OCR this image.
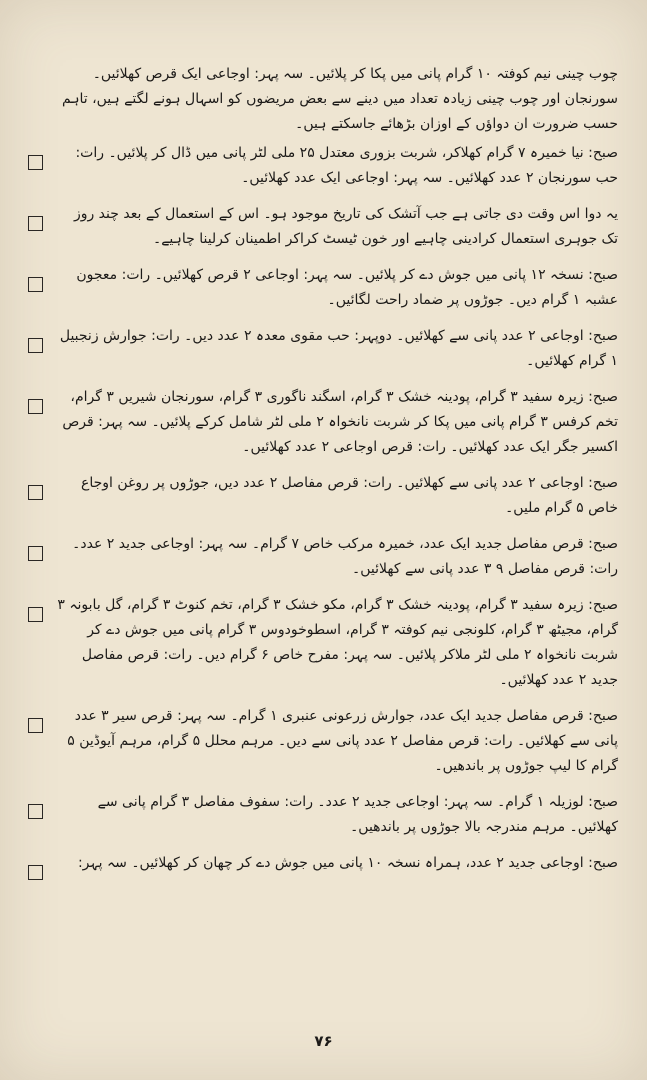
چوب چینی نیم کوفتہ ۱۰ گرام پانی میں پکا کر پلائیں۔ سہ پہر: اوجاعی ایک قرص کھلائیں۔ سورنجان اور چوب چینی زیادہ تعداد میں دینے سے بعض مریضوں کو اسہال ہونے لگتے ہیں، تاہم حسب ضرورت ان دواؤں کے اوزان بڑھائے جاسکتے ہیں۔
صبح: نیا خمیرہ ۷ گرام کھلاکر، شربت بزوری معتدل ۲۵ ملی لٹر پانی میں ڈال کر پلائیں۔ رات: حب سورنجان ۲ عدد کھلائیں۔ سہ پہر: اوجاعی ایک عدد کھلائیں۔
یہ دوا اس وقت دی جاتی ہے جب آتشک کی تاریخ موجود ہو۔ اس کے استعمال کے بعد چند روز تک جوہری استعمال کرادینی چاہیے اور خون ٹیسٹ کراکر اطمینان کرلینا چاہیے۔
صبح: نسخہ ۱۲ پانی میں جوش دے کر پلائیں۔ سہ پہر: اوجاعی ۲ قرص کھلائیں۔ رات: معجون عشبہ ۱ گرام دیں۔ جوڑوں پر ضماد راحت لگائیں۔
صبح: اوجاعی ۲ عدد پانی سے کھلائیں۔ دوپہر: حب مقوی معدہ ۲ عدد دیں۔ رات: جوارش زنجبیل ۱ گرام کھلائیں۔
صبح: زیرہ سفید ۳ گرام، پودینہ خشک ۳ گرام، اسگند ناگوری ۳ گرام، سورنجان شیریں ۳ گرام، تخم کرفس ۳ گرام پانی میں پکا کر شربت نانخواہ ۲ ملی لٹر شامل کرکے پلائیں۔ سہ پہر: قرص اکسیر جگر ایک عدد کھلائیں۔ رات: قرص اوجاعی ۲ عدد کھلائیں۔
صبح: اوجاعی ۲ عدد پانی سے کھلائیں۔ رات: قرص مفاصل ۲ عدد دیں، جوڑوں پر روغن اوجاع خاص ۵ گرام ملیں۔
صبح: قرص مفاصل جدید ایک عدد، خمیرہ مرکب خاص ۷ گرام۔ سہ پہر: اوجاعی جدید ۲ عدد۔ رات: قرص مفاصل ۹ ۳ عدد پانی سے کھلائیں۔
صبح: زیرہ سفید ۳ گرام، پودینہ خشک ۳ گرام، مکو خشک ۳ گرام، تخم کنوٹ ۳ گرام، گل بابونہ ۳ گرام، مجیٹھ ۳ گرام، کلونجی نیم کوفتہ ۳ گرام، اسطوخودوس ۳ گرام پانی میں جوش دے کر شربت نانخواہ ۲ ملی لٹر ملاکر پلائیں۔ سہ پہر: مفرح خاص ۶ گرام دیں۔ رات: قرص مفاصل جدید ۲ عدد کھلائیں۔
صبح: قرص مفاصل جدید ایک عدد، جوارش زرعونی عنبری ۱ گرام۔ سہ پہر: قرص سیر ۳ عدد پانی سے کھلائیں۔ رات: قرص مفاصل ۲ عدد پانی سے دیں۔ مرہم محلل ۵ گرام، مرہم آیوڈین ۵ گرام کا لیپ جوڑوں پر باندھیں۔
صبح: لوزیلہ ۱ گرام۔ سہ پہر: اوجاعی جدید ۲ عدد۔ رات: سفوف مفاصل ۳ گرام پانی سے کھلائیں۔ مرہم مندرجہ بالا جوڑوں پر باندھیں۔
صبح: اوجاعی جدید ۲ عدد، ہمراہ نسخہ ۱۰ پانی میں جوش دے کر چھان کر کھلائیں۔ سہ پہر:
۷۶
